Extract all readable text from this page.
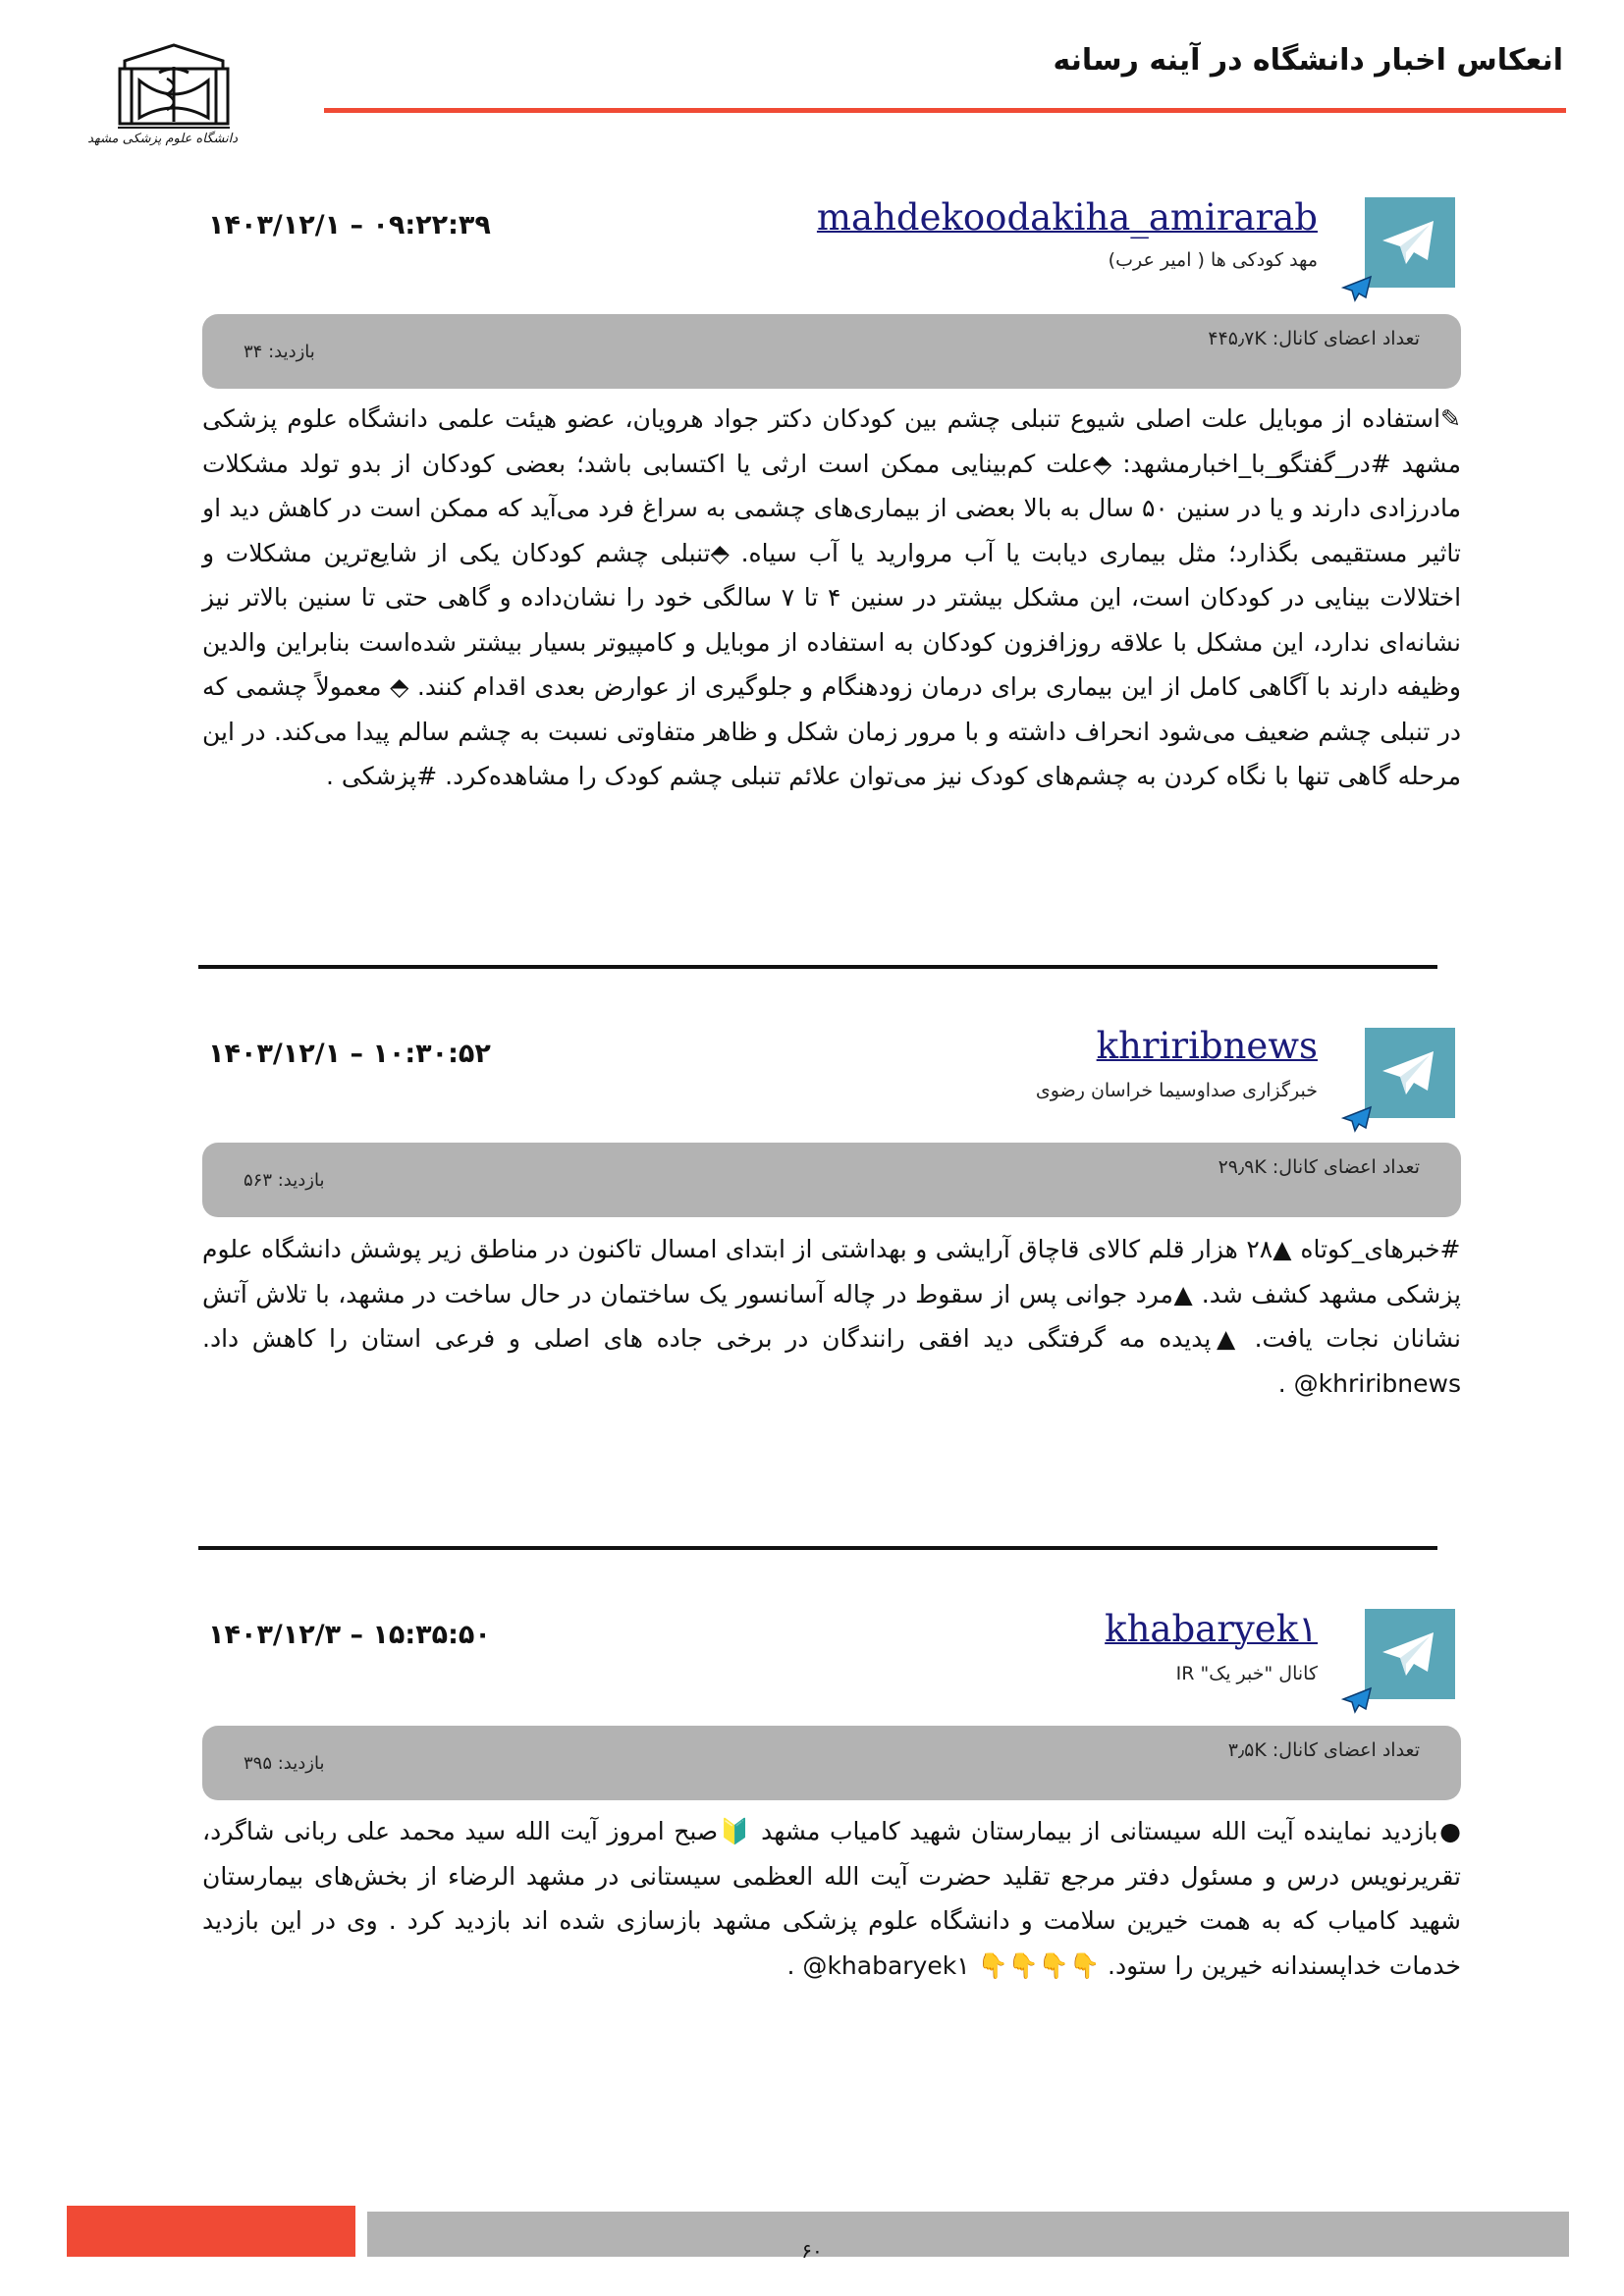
دانشگاه علوم پزشکی مشهد
انعکاس اخبار دانشگاه در آینه رسانه
mahdekoodakiha_amirarab
مهد کودکی ها ( امیر عرب)
۱۴۰۳/۱۲/۱ – ۰۹:۲۲:۳۹
تعداد اعضای کانال: ۴۴۵٫۷K
بازدید: ۳۴
✎استفاده از موبایل علت اصلی شیوع تنبلی چشم بین کودکان دکتر جواد هرویان، عضو هیئت علمی دانشگاه علوم پزشکی مشهد #در_گفتگو_با_اخبارمشهد: ⬘علت کم‌بینایی ممکن است ارثی یا اکتسابی باشد؛ بعضی کودکان از بدو تولد مشکلات مادرزادی دارند و یا در سنین ۵۰ سال به بالا بعضی از بیماری‌های چشمی به سراغ فرد می‌آید که ممکن است در کاهش دید او تاثیر مستقیمی بگذارد؛ مثل بیماری دیابت یا آب مروارید یا آب سیاه. ⬘تنبلی چشم کودکان یکی از شایع‌ترین مشکلات و اختلالات بینایی در کودکان است، این مشکل بیشتر در سنین ۴ تا ۷ سالگی خود را نشان‌داده و گاهی حتی تا سنین بالاتر نیز نشانه‌ای ندارد، این مشکل با علاقه روزافزون کودکان به استفاده از موبایل و کامپیوتر بسیار بیشتر شده‌است بنابراین والدین وظیفه دارند با آگاهی کامل از این بیماری برای درمان زودهنگام و جلوگیری از عوارض بعدی اقدام کنند. ⬘ معمولاً چشمی که در تنبلی چشم ضعیف می‌شود انحراف داشته و با مرور زمان شکل و ظاهر متفاوتی نسبت به چشم سالم پیدا می‌کند. در این مرحله گاهی تنها با نگاه کردن به چشم‌های کودک نیز می‌توان علائم تنبلی چشم کودک را مشاهده‌کرد. #پزشکی .
khriribnews
خبرگزاری صداوسیما خراسان رضوی
۱۴۰۳/۱۲/۱ – ۱۰:۳۰:۵۲
تعداد اعضای کانال: ۲۹٫۹K
بازدید: ۵۶۳
#خبرهای_کوتاه ▲۲۸ هزار قلم کالای قاچاق آرایشی و بهداشتی از ابتدای امسال تاکنون در مناطق زیر پوشش دانشگاه علوم پزشکی مشهد کشف شد. ▲مرد جوانی پس از سقوط در چاله آسانسور یک ساختمان در حال ساخت در مشهد، با تلاش آتش نشانان نجات یافت. ▲پدیده مه گرفتگی دید افقی رانندگان در برخی جاده های اصلی و فرعی استان را کاهش داد. khriribnews@ .
khabaryek۱
کانال "خبر یک" IR
۱۴۰۳/۱۲/۳ – ۱۵:۳۵:۵۰
تعداد اعضای کانال: ۳٫۵K
بازدید: ۳۹۵
●بازدید نماینده آیت الله سیستانی از بیمارستان شهید کامیاب مشهد 🔰صبح امروز آیت الله سید محمد علی ربانی شاگرد، تقریرنویس درس و مسئول دفتر مرجع تقلید حضرت آیت الله العظمی سیستانی در مشهد الرضاء از بخش‌های بیمارستان شهید کامیاب که به همت خیرین سلامت و دانشگاه علوم پزشکی مشهد بازسازی شده اند بازدید کرد . وی در این بازدید خدمات خداپسندانه خیرین را ستود. 👇👇👇👇 khabaryek۱@ .
۶۰
